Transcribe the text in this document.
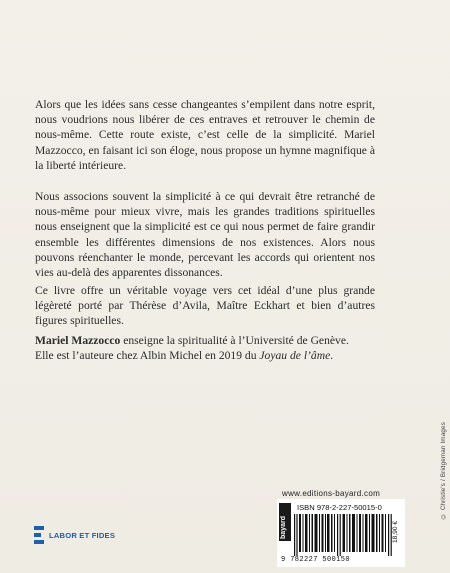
Alors que les idées sans cesse changeantes s’empilent dans notre esprit, nous voudrions nous libérer de ces entraves et retrouver le chemin de nous-même. Cette route existe, c’est celle de la simplicité. Mariel Mazzocco, en faisant ici son éloge, nous propose un hymne magnifique à la liberté intérieure.

Nous associons souvent la simplicité à ce qui devrait être retranché de nous-même pour mieux vivre, mais les grandes traditions spirituelles nous enseignent que la simplicité est ce qui nous permet de faire grandir ensemble les différentes dimensions de nos existences. Alors nous pouvons réenchanter le monde, percevant les accords qui orientent nos vies au-delà des apparentes dissonances.

Ce livre offre un véritable voyage vers cet idéal d’une plus grande légèreté porté par Thérèse d’Avila, Maître Eckhart et bien d’autres figures spirituelles.

Mariel Mazzocco enseigne la spiritualité à l’Université de Genève.
Elle est l’auteure chez Albin Michel en 2019 du Joyau de l’âme.
© Christie's / Bridgeman Images
www.editions-bayard.com
bayard
ISBN 978-2-227-50015-0
9 782227 500150
18,90 €
LABOR ET FIDES
